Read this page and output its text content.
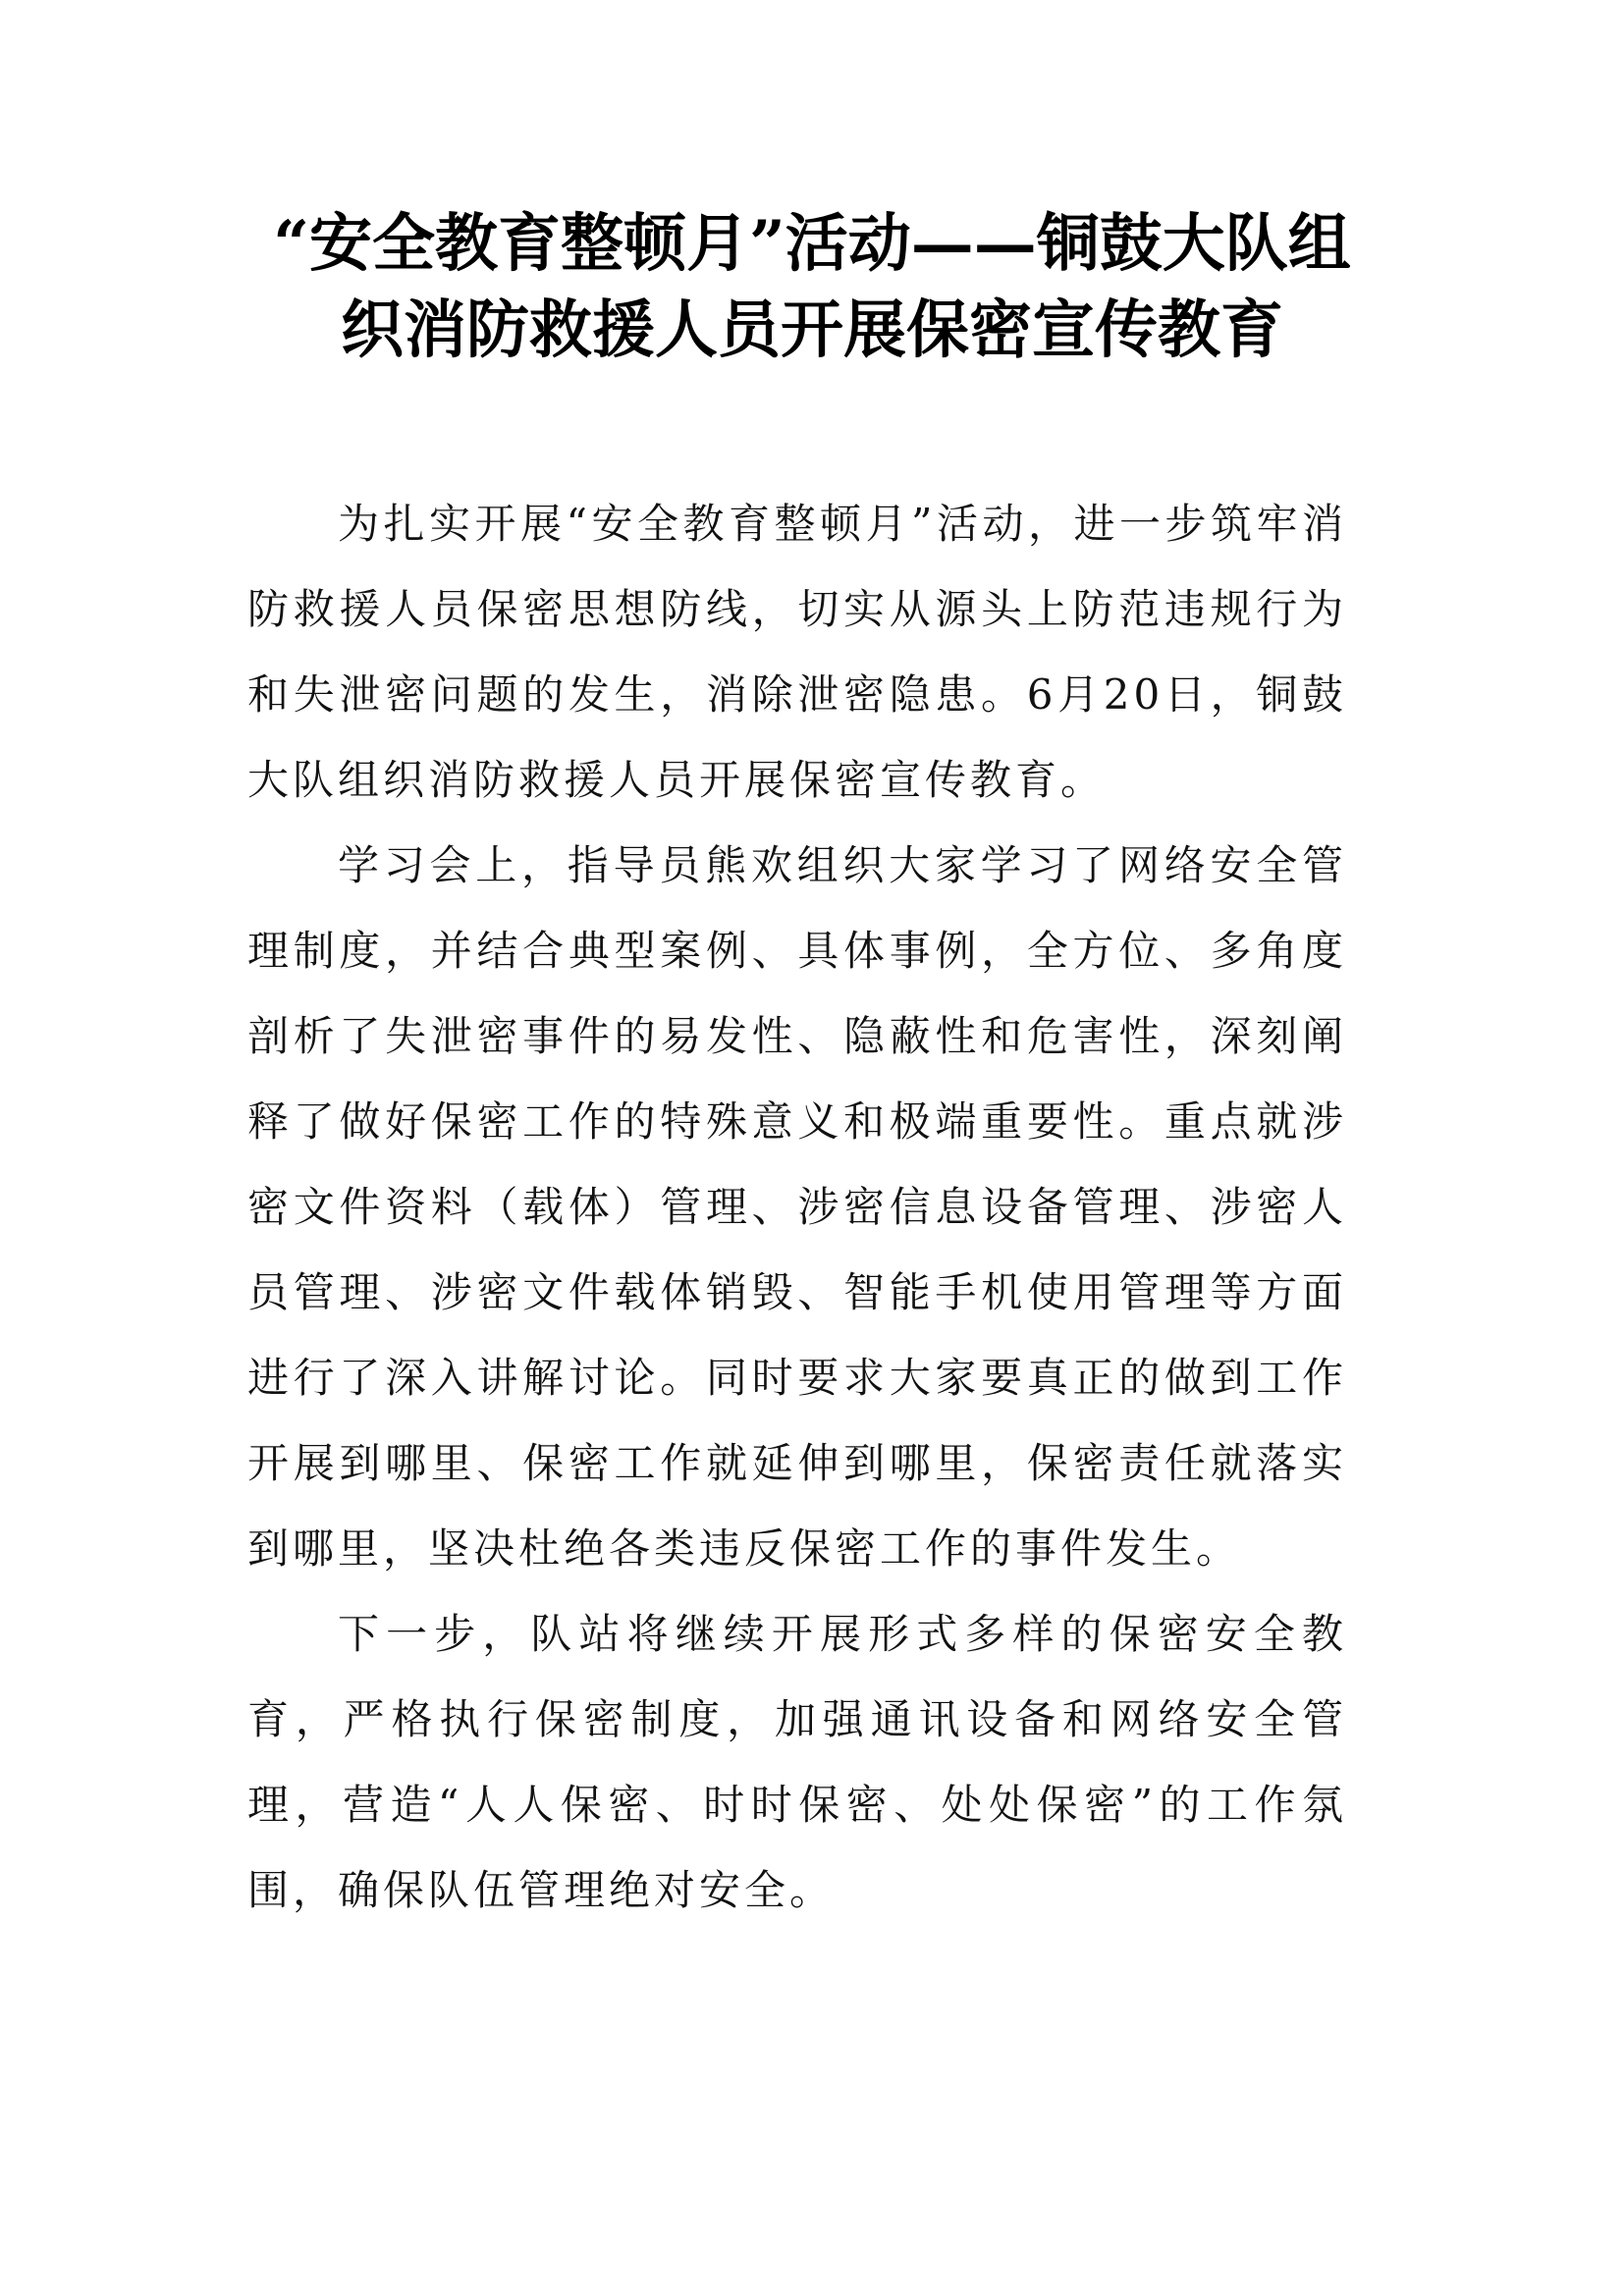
“安全教育整顿月”活动——铜鼓大队组
织消防救援人员开展保密宣传教育

为扎实开展“安全教育整顿月”活动，进一步筑牢消防救援人员保密思想防线，切实从源头上防范违规行为和失泄密问题的发生，消除泄密隐患。6月20日，铜鼓大队组织消防救援人员开展保密宣传教育。

学习会上，指导员熊欢组织大家学习了网络安全管理制度，并结合典型案例、具体事例，全方位、多角度剖析了失泄密事件的易发性、隐蔽性和危害性，深刻阐释了做好保密工作的特殊意义和极端重要性。重点就涉密文件资料（载体）管理、涉密信息设备管理、涉密人员管理、涉密文件载体销毁、智能手机使用管理等方面进行了深入讲解讨论。同时要求大家要真正的做到工作开展到哪里、保密工作就延伸到哪里，保密责任就落实到哪里，坚决杜绝各类违反保密工作的事件发生。

下一步，队站将继续开展形式多样的保密安全教育，严格执行保密制度，加强通讯设备和网络安全管理，营造“人人保密、时时保密、处处保密”的工作氛围，确保队伍管理绝对安全。
